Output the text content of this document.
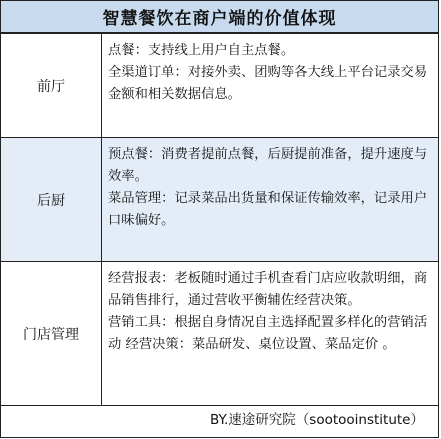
智慧餐饮在商户端的价值体现
前厅	点餐：支持线上用户自主点餐。
全渠道订单：对接外卖、团购等各大线上平台记录交易金额和相关数据信息。

后厨	预点餐：消费者提前点餐，后厨提前准备，提升速度与效率。
菜品管理：记录菜品出货量和保证传输效率，记录用户口味偏好。

门店管理	经营报表：老板随时通过手机查看门店应收款明细，商品销售排行，通过营收平衡辅佐经营决策。
营销工具：根据自身情况自主选择配置多样化的营销活动 经营决策：菜品研发、桌位设置、菜品定价 。
BY.速途研究院（sootooinstitute）
